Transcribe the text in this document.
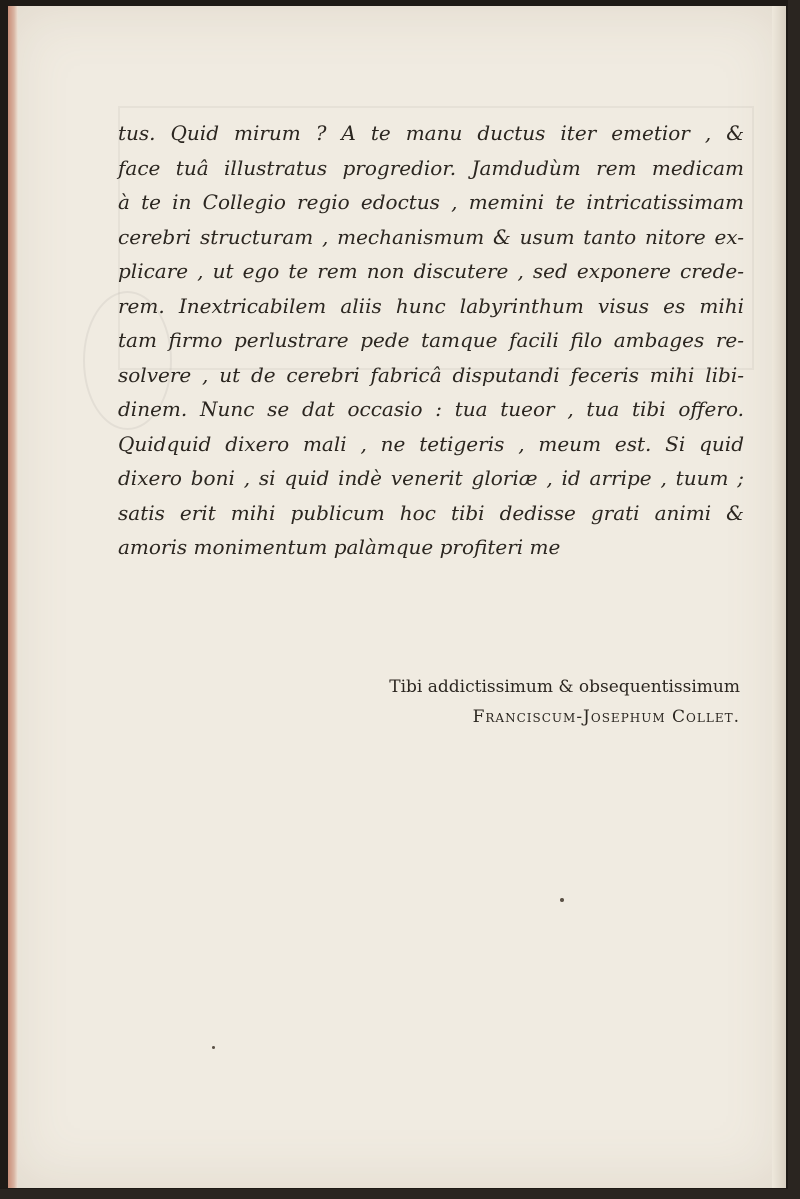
tus. Quid mirum ? A te manu ductus iter emetior , &
face tuâ illustratus progredior. Jamdudùm rem medicam
à te in Collegio regio edoctus , memini te intricatissimam
cerebri structuram , mechanismum & usum tanto nitore ex-
plicare , ut ego te rem non discutere , sed exponere crede-
rem. Inextricabilem aliis hunc labyrinthum visus es mihi
tam firmo perlustrare pede tamque facili filo ambages re-
solvere , ut de cerebri fabricâ disputandi feceris mihi libi-
dinem. Nunc se dat occasio : tua tueor , tua tibi offero.
Quidquid dixero mali , ne tetigeris , meum est. Si quid
dixero boni , si quid indè venerit gloriæ , id arripe , tuum ;
satis erit mihi publicum hoc tibi dedisse grati animi &
amoris monimentum palàmque profiteri me
Tibi addictissimum & obsequentissimum
Franciscum-Josephum Collet.
